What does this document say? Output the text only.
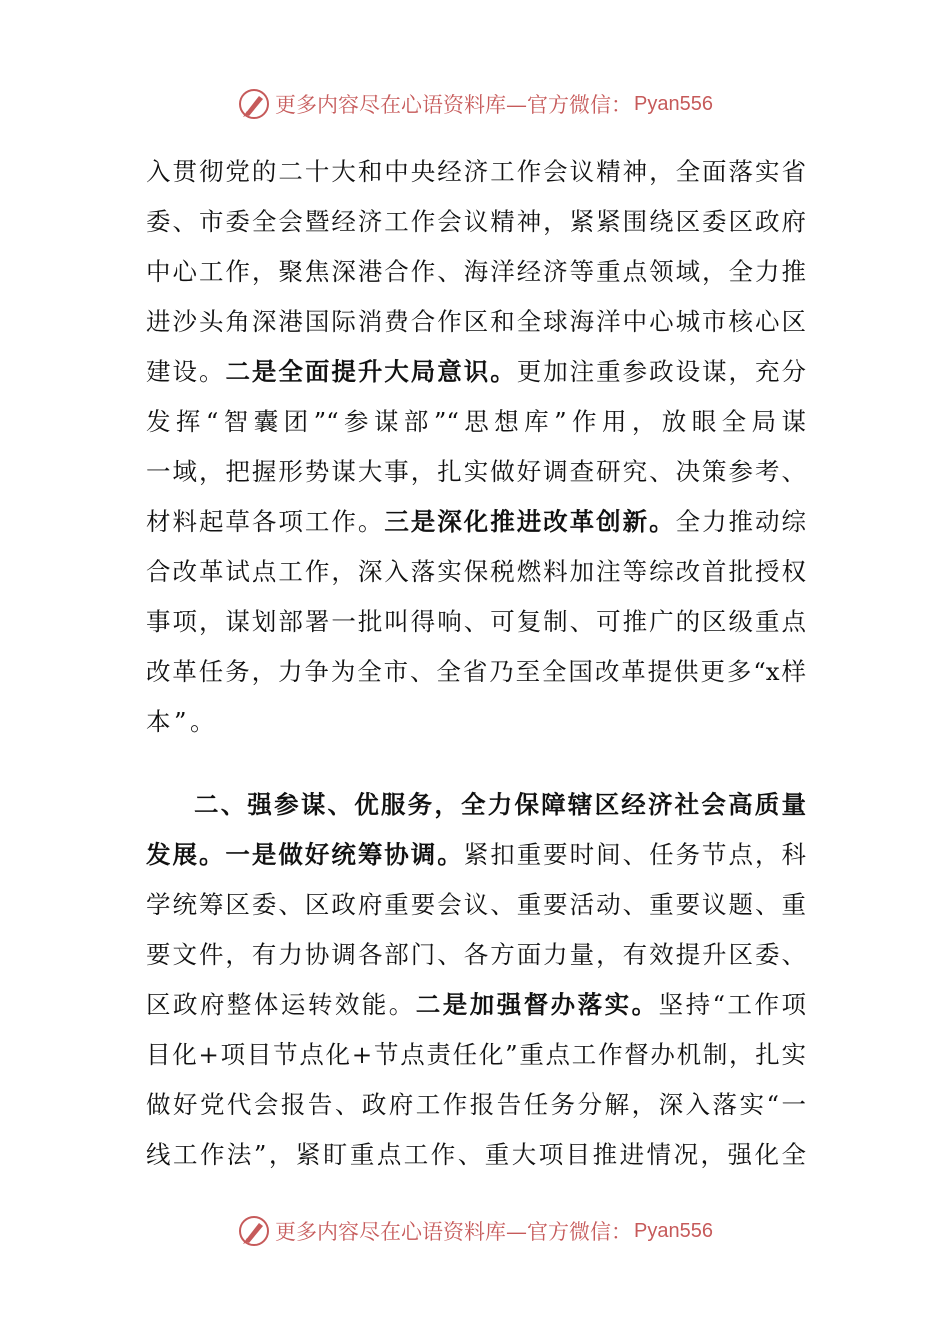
更多内容尽在心语资料库—官方微信： Pyan556
入贯彻党的二十大和中央经济工作会议精神，全面落实省
委、市委全会暨经济工作会议精神，紧紧围绕区委区政府
中心工作，聚焦深港合作、海洋经济等重点领域，全力推
进沙头角深港国际消费合作区和全球海洋中心城市核心区
建设。二是全面提升大局意识。更加注重参政设谋，充分
发挥“智囊团”“参谋部”“思想库”作用，放眼全局谋
一域，把握形势谋大事，扎实做好调查研究、决策参考、
材料起草各项工作。三是深化推进改革创新。全力推动综
合改革试点工作，深入落实保税燃料加注等综改首批授权
事项，谋划部署一批叫得响、可复制、可推广的区级重点
改革任务，力争为全市、全省乃至全国改革提供更多“x样
本”。
二、强参谋、优服务，全力保障辖区经济社会高质量
发展。一是做好统筹协调。紧扣重要时间、任务节点，科
学统筹区委、区政府重要会议、重要活动、重要议题、重
要文件，有力协调各部门、各方面力量，有效提升区委、
区政府整体运转效能。二是加强督办落实。坚持“工作项
目化+项目节点化+节点责任化”重点工作督办机制，扎实
做好党代会报告、政府工作报告任务分解，深入落实“一
线工作法”，紧盯重点工作、重大项目推进情况，强化全
更多内容尽在心语资料库—官方微信： Pyan556
